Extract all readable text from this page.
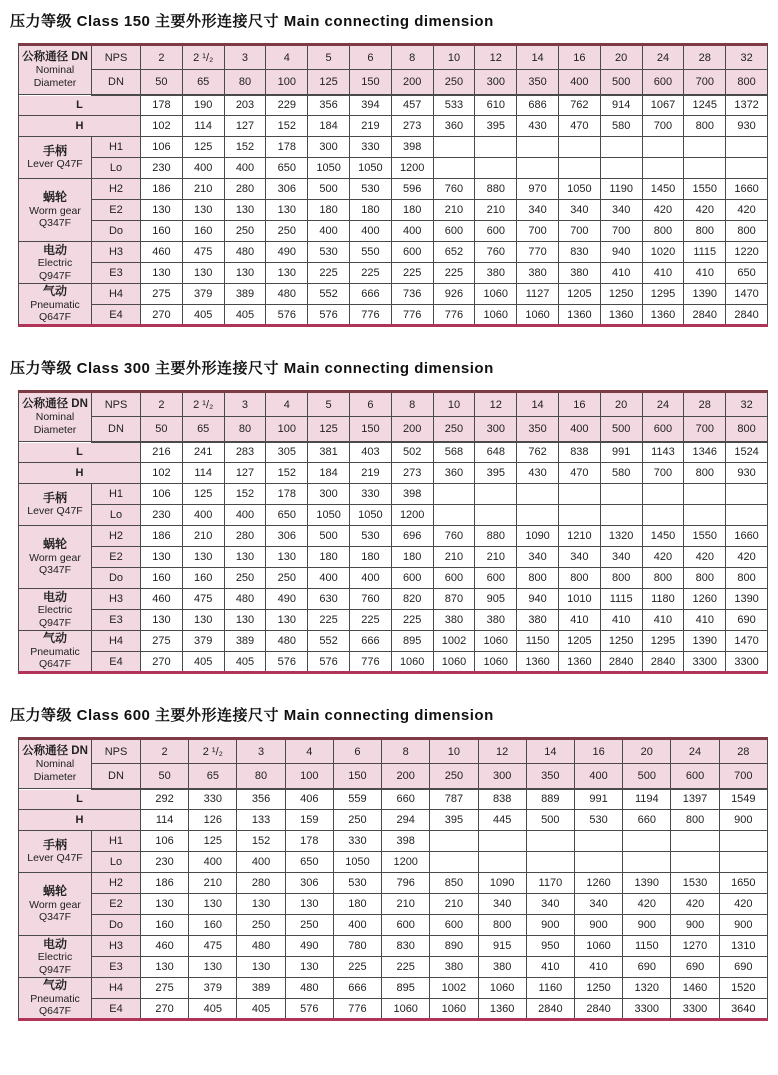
压力等级 Class 150 主要外形连接尺寸 Main connecting dimension
公称通径 DN
Nominal
Diameter	NPS	2	2 ¹/₂	3	4	5	6	8	10	12	14	16	20	24	28	32
	DN	50	65	80	100	125	150	200	250	300	350	400	500	600	700	800
L		178	190	203	229	356	394	457	533	610	686	762	914	1067	1245	1372
H		102	114	127	152	184	219	273	360	395	430	470	580	700	800	930

手柄
Lever Q47F	H1	106	125	152	178	300	330	398								
	Lo	230	400	400	650	1050	1050	1200								

蜗轮
Worm gear
Q347F	H2	186	210	280	306	500	530	596	760	880	970	1050	1190	1450	1550	1660
	E2	130	130	130	130	180	180	180	210	210	340	340	340	420	420	420
	Do	160	160	250	250	400	400	400	600	600	700	700	700	800	800	800

电动
Electric
Q947F	H3	460	475	480	490	530	550	600	652	760	770	830	940	1020	1115	1220
	E3	130	130	130	130	225	225	225	225	380	380	380	410	410	410	650

气动
Pneumatic
Q647F	H4	275	379	389	480	552	666	736	926	1060	1127	1205	1250	1295	1390	1470
	E4	270	405	405	576	576	776	776	776	1060	1060	1360	1360	1360	2840	2840
压力等级 Class 300 主要外形连接尺寸 Main connecting dimension
公称通径 DN
Nominal
Diameter	NPS	2	2 ¹/₂	3	4	5	6	8	10	12	14	16	20	24	28	32
	DN	50	65	80	100	125	150	200	250	300	350	400	500	600	700	800
L		216	241	283	305	381	403	502	568	648	762	838	991	1143	1346	1524
H		102	114	127	152	184	219	273	360	395	430	470	580	700	800	930

手柄
Lever Q47F	H1	106	125	152	178	300	330	398								
	Lo	230	400	400	650	1050	1050	1200								

蜗轮
Worm gear
Q347F	H2	186	210	280	306	500	530	696	760	880	1090	1210	1320	1450	1550	1660
	E2	130	130	130	130	180	180	180	210	210	340	340	340	420	420	420
	Do	160	160	250	250	400	400	600	600	600	800	800	800	800	800	800

电动
Electric
Q947F	H3	460	475	480	490	630	760	820	870	905	940	1010	1115	1180	1260	1390
	E3	130	130	130	130	225	225	225	380	380	380	410	410	410	410	690

气动
Pneumatic
Q647F	H4	275	379	389	480	552	666	895	1002	1060	1150	1205	1250	1295	1390	1470
	E4	270	405	405	576	576	776	1060	1060	1060	1360	1360	2840	2840	3300	3300
压力等级 Class 600 主要外形连接尺寸 Main connecting dimension
公称通径 DN
Nominal
Diameter	NPS	2	2 ¹/₂	3	4	6	8	10	12	14	16	20	24	28
	DN	50	65	80	100	150	200	250	300	350	400	500	600	700
L		292	330	356	406	559	660	787	838	889	991	1194	1397	1549
H		114	126	133	159	250	294	395	445	500	530	660	800	900

手柄
Lever Q47F	H1	106	125	152	178	330	398							
	Lo	230	400	400	650	1050	1200							

蜗轮
Worm gear
Q347F	H2	186	210	280	306	530	796	850	1090	1170	1260	1390	1530	1650
	E2	130	130	130	130	180	210	210	340	340	340	420	420	420
	Do	160	160	250	250	400	600	600	800	900	900	900	900	900

电动
Electric
Q947F	H3	460	475	480	490	780	830	890	915	950	1060	1150	1270	1310
	E3	130	130	130	130	225	225	380	380	410	410	690	690	690

气动
Pneumatic
Q647F	H4	275	379	389	480	666	895	1002	1060	1160	1250	1320	1460	1520
	E4	270	405	405	576	776	1060	1060	1360	2840	2840	3300	3300	3640
